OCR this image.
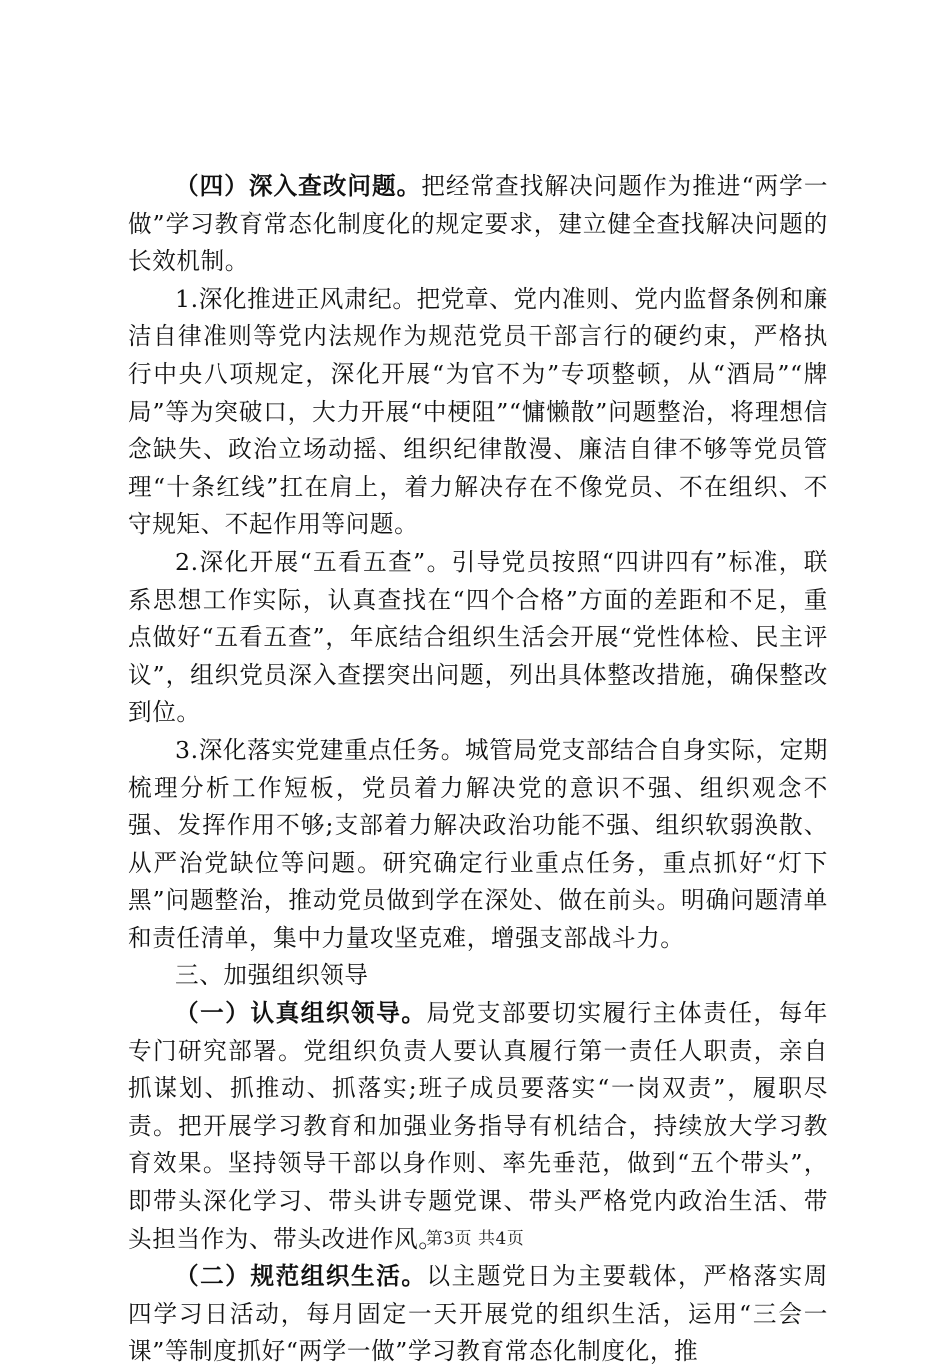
（四）深入查改问题。把经常查找解决问题作为推进“两学一做”学习教育常态化制度化的规定要求，建立健全查找解决问题的长效机制。

1.深化推进正风肃纪。把党章、党内准则、党内监督条例和廉洁自律准则等党内法规作为规范党员干部言行的硬约束，严格执行中央八项规定，深化开展“为官不为”专项整顿，从“酒局”“牌局”等为突破口，大力开展“中梗阻”“慵懒散”问题整治，将理想信念缺失、政治立场动摇、组织纪律散漫、廉洁自律不够等党员管理“十条红线”扛在肩上，着力解决存在不像党员、不在组织、不守规矩、不起作用等问题。

2.深化开展“五看五查”。引导党员按照“四讲四有”标准，联系思想工作实际，认真查找在“四个合格”方面的差距和不足，重点做好“五看五查”，年底结合组织生活会开展“党性体检、民主评议”，组织党员深入查摆突出问题，列出具体整改措施，确保整改到位。

3.深化落实党建重点任务。城管局党支部结合自身实际，定期梳理分析工作短板，党员着力解决党的意识不强、组织观念不强、发挥作用不够;支部着力解决政治功能不强、组织软弱涣散、从严治党缺位等问题。研究确定行业重点任务，重点抓好“灯下黑”问题整治，推动党员做到学在深处、做在前头。明确问题清单和责任清单，集中力量攻坚克难，增强支部战斗力。

三、加强组织领导

（一）认真组织领导。局党支部要切实履行主体责任，每年专门研究部署。党组织负责人要认真履行第一责任人职责，亲自抓谋划、抓推动、抓落实;班子成员要落实“一岗双责”，履职尽责。把开展学习教育和加强业务指导有机结合，持续放大学习教育效果。坚持领导干部以身作则、率先垂范，做到“五个带头”，即带头深化学习、带头讲专题党课、带头严格党内政治生活、带头担当作为、带头改进作风。

（二）规范组织生活。以主题党日为主要载体，严格落实周四学习日活动，每月固定一天开展党的组织生活，运用“三会一课”等制度抓好“两学一做”学习教育常态化制度化，推

第3页 共4页
